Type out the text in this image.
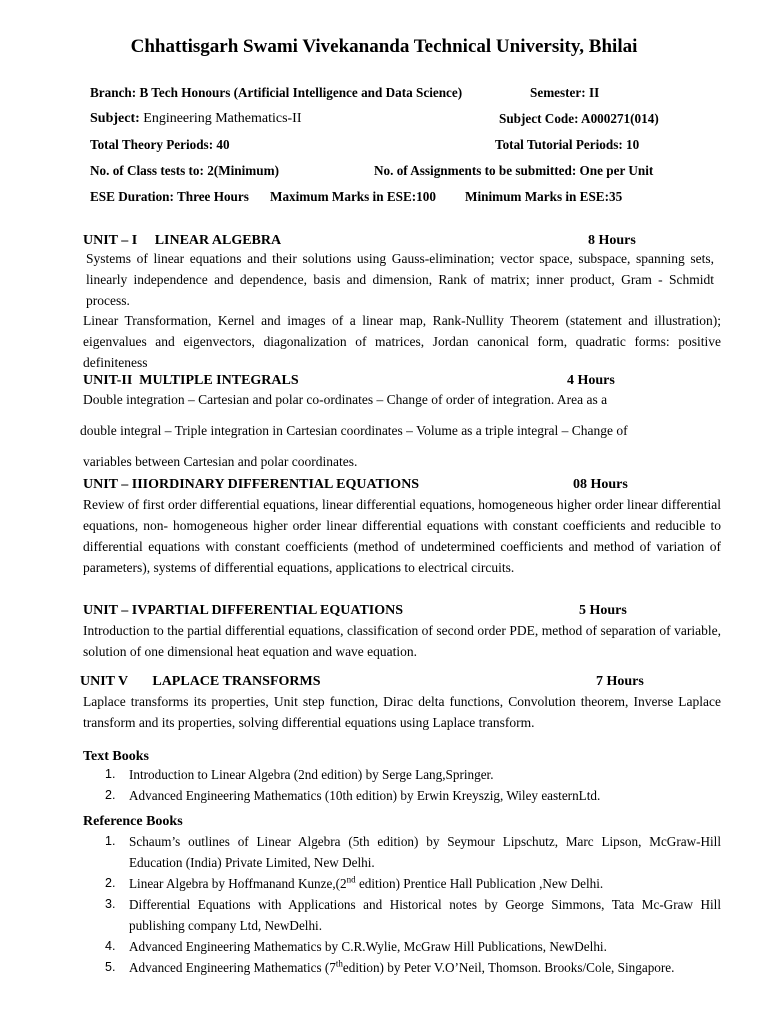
Chhattisgarh Swami Vivekananda Technical University, Bhilai
Branch: B Tech Honours (Artificial Intelligence and Data Science)	Semester: II
Subject: Engineering Mathematics-II	Subject Code: A000271(014)
Total Theory Periods: 40	Total Tutorial Periods: 10
No. of Class tests to: 2(Minimum)	No. of Assignments to be submitted: One per Unit
ESE Duration: Three Hours Maximum Marks in ESE:100 Minimum Marks in ESE:35
UNIT – I     LINEAR ALGEBRA	8 Hours
Systems of linear equations and their solutions using Gauss-elimination; vector space, subspace, spanning sets, linearly independence and dependence, basis and dimension, Rank of matrix; inner product, Gram - Schmidt process.
Linear Transformation, Kernel and images of a linear map, Rank-Nullity Theorem (statement and illustration); eigenvalues and eigenvectors, diagonalization of matrices, Jordan canonical form, quadratic forms: positive definiteness
UNIT-II  MULTIPLE INTEGRALS	4 Hours
Double integration – Cartesian and polar co-ordinates – Change of order of integration. Area as a
double integral – Triple integration in Cartesian coordinates – Volume as a triple integral – Change of
variables between Cartesian and polar coordinates.
UNIT – IIIORDINARY DIFFERENTIAL EQUATIONS	08 Hours
Review of first order differential equations, linear differential equations, homogeneous higher order linear differential equations, non- homogeneous higher order linear differential equations with constant coefficients and reducible to differential equations with constant coefficients (method of undetermined coefficients and method of variation of parameters), systems of differential equations, applications to electrical circuits.
UNIT – IVPARTIAL DIFFERENTIAL EQUATIONS	5 Hours
Introduction to the partial differential equations, classification of second order PDE, method of separation of variable, solution of one dimensional heat equation and wave equation.
UNIT V       LAPLACE TRANSFORMS	7 Hours
Laplace transforms its properties, Unit step function, Dirac delta functions, Convolution theorem, Inverse Laplace transform and its properties, solving differential equations using Laplace transform.
Text Books
1. Introduction to Linear Algebra (2nd edition) by Serge Lang,Springer.
2. Advanced Engineering Mathematics (10th edition) by Erwin Kreyszig, Wiley easternLtd.
Reference Books
1. Schaum’s outlines of Linear Algebra (5th edition) by Seymour Lipschutz, Marc Lipson, McGraw-Hill Education (India) Private Limited, New Delhi.
2. Linear Algebra by Hoffmanand Kunze,(2nd edition) Prentice Hall Publication ,New Delhi.
3. Differential Equations with Applications and Historical notes by George Simmons, Tata Mc-Graw Hill publishing company Ltd, NewDelhi.
4. Advanced Engineering Mathematics by C.R.Wylie, McGraw Hill Publications, NewDelhi.
5. Advanced Engineering Mathematics (7thedition) by Peter V.O’Neil, Thomson. Brooks/Cole, Singapore.
